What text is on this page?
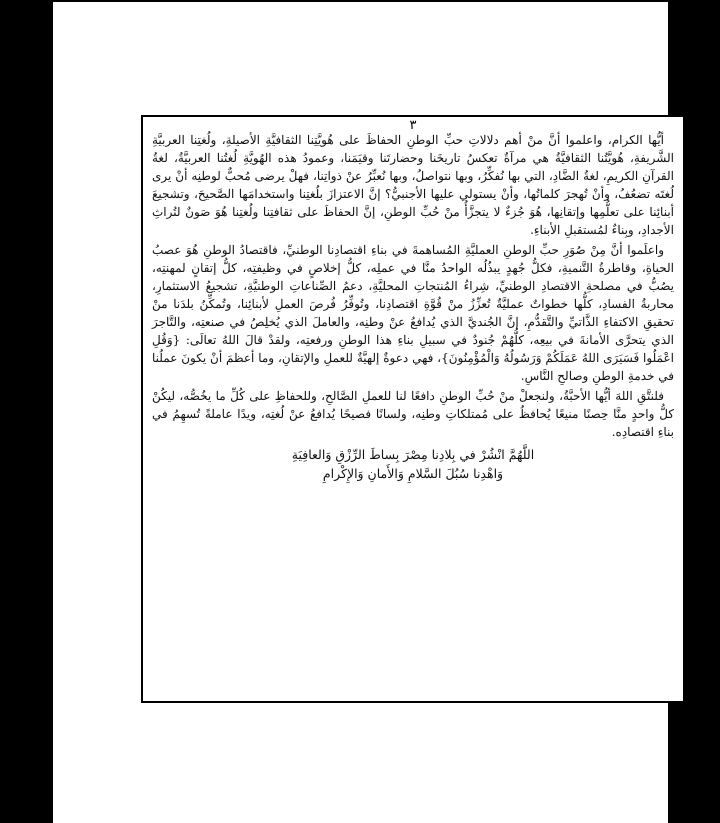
٣

أيُّها الكرام، واعلموا أنَّ منْ أهم دلالاتِ حبِّ الوطنِ الحفاظَ على هُويَّتِنا الثقافيَّةِ الأصيلةِ، ولُغتِنا العربيَّةِ الشَّريفةِ، هُويَّتُنا الثقافيَّةُ هي مرآةٌ تعكسُ تاريخَنا وحضارتَنا وقيَمَنا، وعمودُ هذه الهُويَّةِ لُغتُنا العربيَّةُ، لغةُ القرآنِ الكريمِ، لغةُ الضَّادِ، التي بها نُفكِّرُ، وبها نتواصلُ، وبها نُعبِّرُ عنْ ذواتِنا، فهلْ يرضى مُحبٌّ لوطنِه أنْ يرى لُغتَه تضعُفُ، وأنْ تُهجرَ كلماتُها، وأنْ يستولي عليها الأجنبيُّ؟ إنَّ الاعتزازَ بلُغتِنا واستخدامَها الصَّحيحَ، وتشجيعَ أبنائِنا على تعلُّمِها وإتقانِها، هُوَ جُزءٌ لا يتجزَّأُ منْ حُبِّ الوطنِ، إنَّ الحفاظَ على ثقافتِنا ولُغتِنا هُوَ صَونٌ لتُراثِ الأجدادِ، وبِناءٌ لمُستقبلِ الأبناءِ.

واعلَموا أنَّ مِنْ صُوَرِ حبِّ الوطنِ العمليَّةِ المُساهمةَ في بناءِ اقتصادِنا الوطنيِّ، فاقتصادُ الوطنِ هُوَ عصبُ الحياةِ، وقاطرةُ التَّنميةِ، فكلُّ جُهدٍ يبذُلُه الواحدُ منَّا في عملِه، كلُّ إخلاصٍ في وظيفتِه، كلُّ إتقانٍ لمهنتِه، يصُبُّ في مصلحةِ الاقتصادِ الوطنيِّ، شِراءُ المُنتجاتِ المحليَّةِ، دعمُ الصِّناعاتِ الوطنيَّةِ، تشجيعُ الاستثمارِ، محاربةُ الفسادِ، كلُّها خطواتٌ عمليَّةٌ تُعزِّزُ منْ قُوَّةِ اقتصادِنا، وتُوفِّرُ فُرصَ العملِ لأبنائِنا، وتُمكِّنُ بلدَنا منْ تحقيقِ الاكتفاءِ الذَّاتيِّ والتَّقدُّمِ، إنَّ الجُنديَّ الذي يُدافعُ عنْ وطنِه، والعاملَ الذي يُخلِصُ في صنعتِه، والتَّاجرَ الذي يتحرَّى الأمانةَ في بيعِه، كلُّهُمْ جُنودٌ في سبيلِ بناءِ هذا الوطنِ ورفعتِه، ولقدْ قالَ اللهُ تعالَى: {وَقُلِ اعْمَلُوا فَسَيَرَى اللهُ عَمَلَكُمْ وَرَسُولُهُ وَالْمُؤْمِنُونَ}، فهي دعوةٌ إلهيَّةٌ للعملِ والإتقانِ، وما أعظمَ أنْ يكونَ عملُنا في خدمةِ الوطنِ وصالحِ النَّاسِ.

فلنتَّقِ اللهَ أيُّها الأحبَّةُ، ولنجعلْ منْ حُبِّ الوطنِ دافعًا لنا للعملِ الصَّالحِ، وللحفاظِ على كُلِّ ما يخُصُّه، ليكُنْ كلُّ واحدٍ منَّا حِصنًا منيعًا يُحافظُ على مُمتلكاتِ وطنِه، ولسانًا فصيحًا يُدافعُ عنْ لُغتِه، ويدًا عاملةً تُسهِمُ في بناءِ اقتصادِه.

اللَّهُمَّ انْشُرْ في بِلادِنا مِصْرَ بِساطَ الرِّزْقِ وَالعافِيَةِ
وَاهْدِنا سُبُلَ السَّلامِ وَالأَمانِ وَالإِكْرامِ
